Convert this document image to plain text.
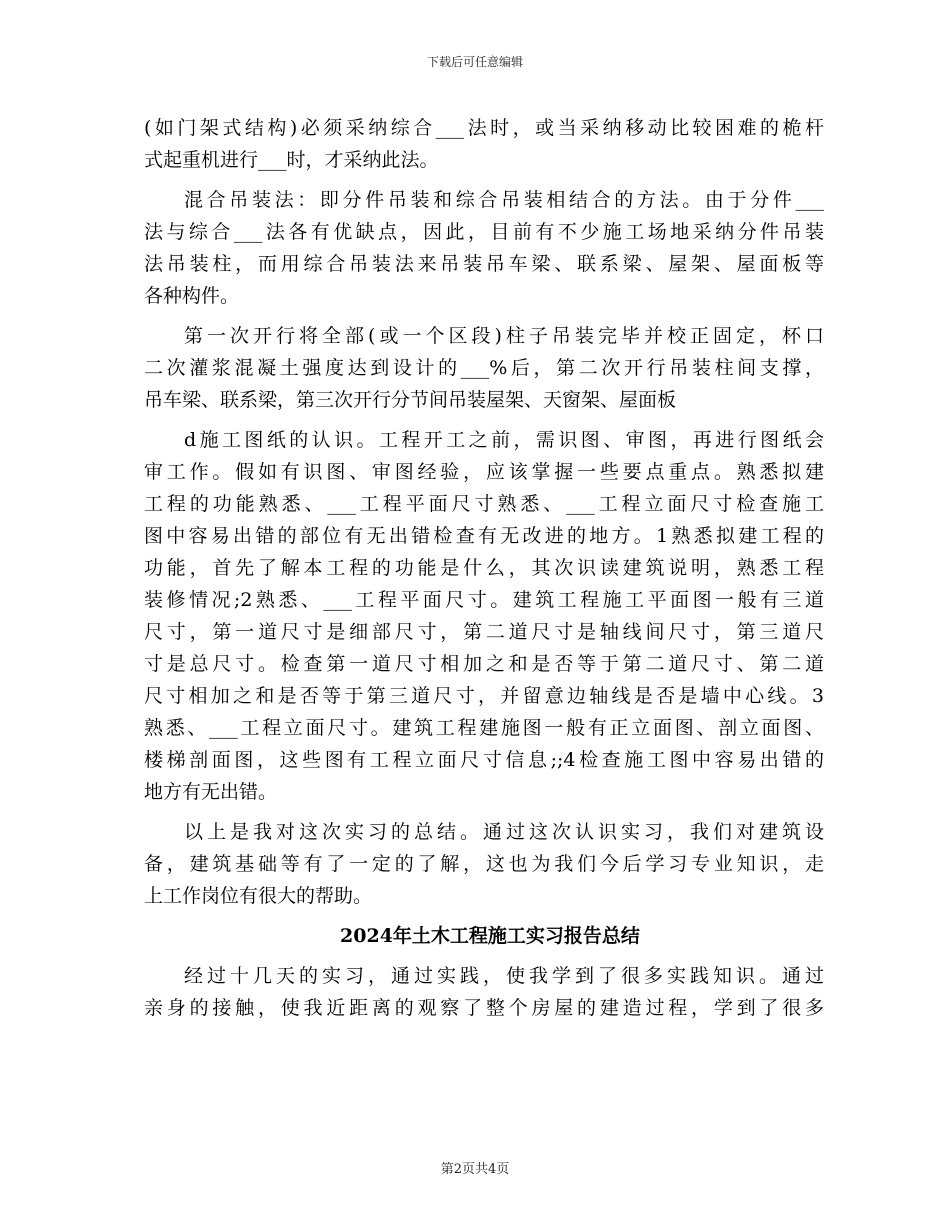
下载后可任意编辑
(如门架式结构)必须采纳综合___法时，或当采纳移动比较困难的桅杆
式起重机进行___时，才采纳此法。
混合吊装法：即分件吊装和综合吊装相结合的方法。由于分件___
法与综合___法各有优缺点，因此，目前有不少施工场地采纳分件吊装
法吊装柱，而用综合吊装法来吊装吊车梁、联系梁、屋架、屋面板等
各种构件。
第一次开行将全部(或一个区段)柱子吊装完毕并校正固定，杯口
二次灌浆混凝土强度达到设计的___%后，第二次开行吊装柱间支撑，
吊车梁、联系梁，第三次开行分节间吊装屋架、天窗架、屋面板
d施工图纸的认识。工程开工之前，需识图、审图，再进行图纸会
审工作。假如有识图、审图经验，应该掌握一些要点重点。熟悉拟建
工程的功能熟悉、___工程平面尺寸熟悉、___工程立面尺寸检查施工
图中容易出错的部位有无出错检查有无改进的地方。1熟悉拟建工程的
功能，首先了解本工程的功能是什么，其次识读建筑说明，熟悉工程
装修情况;2熟悉、___工程平面尺寸。建筑工程施工平面图一般有三道
尺寸，第一道尺寸是细部尺寸，第二道尺寸是轴线间尺寸，第三道尺
寸是总尺寸。检查第一道尺寸相加之和是否等于第二道尺寸、第二道
尺寸相加之和是否等于第三道尺寸，并留意边轴线是否是墙中心线。3
熟悉、___工程立面尺寸。建筑工程建施图一般有正立面图、剖立面图、
楼梯剖面图，这些图有工程立面尺寸信息;;4检查施工图中容易出错的
地方有无出错。
以上是我对这次实习的总结。通过这次认识实习，我们对建筑设
备，建筑基础等有了一定的了解，这也为我们今后学习专业知识，走
上工作岗位有很大的帮助。
2024年土木工程施工实习报告总结
经过十几天的实习，通过实践，使我学到了很多实践知识。通过
亲身的接触，使我近距离的观察了整个房屋的建造过程，学到了很多
第2页共4页
